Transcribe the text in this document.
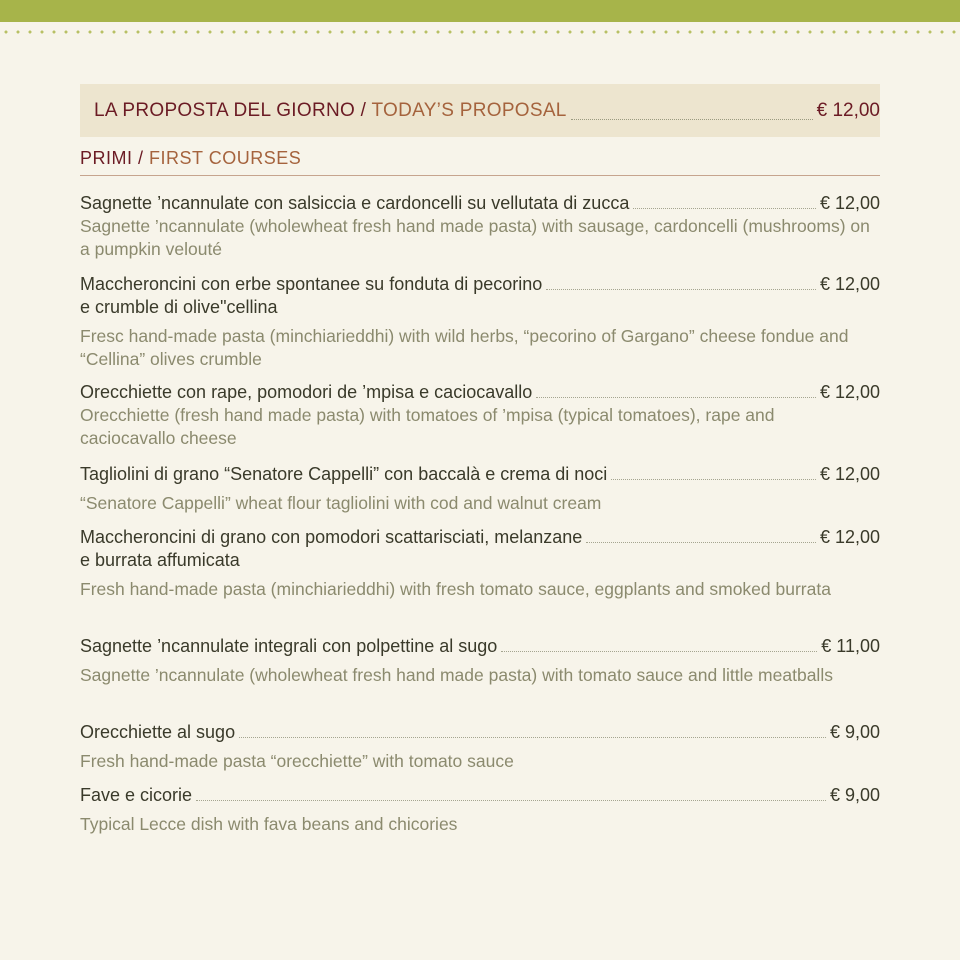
LA PROPOSTA DEL GIORNO / TODAY’S PROPOSAL	€ 12,00
PRIMI / FIRST COURSES
Sagnette ’ncannulate con salsiccia e cardoncelli su vellutata di zucca	€ 12,00
Sagnette ’ncannulate (wholewheat fresh hand made pasta) with sausage, cardoncelli (mushrooms) on a pumpkin velouté
Maccheroncini con erbe spontanee su fonduta di pecorino	€ 12,00
e crumble di olive"cellina
Fresc hand-made pasta (minchiarieddhi) with wild herbs, “pecorino of Gargano” cheese fondue and “Cellina” olives crumble
Orecchiette con rape, pomodori de ’mpisa e caciocavallo	€ 12,00
Orecchiette (fresh hand made pasta) with tomatoes of ’mpisa (typical tomatoes), rape and caciocavallo cheese
Tagliolini di grano “Senatore Cappelli” con baccalà e crema di noci	€ 12,00
“Senatore Cappelli” wheat flour tagliolini with cod and walnut cream
Maccheroncini di grano con pomodori scattarisciati, melanzane	€ 12,00
e burrata affumicata
Fresh hand-made pasta (minchiarieddhi) with fresh tomato sauce, eggplants and smoked burrata
Sagnette ’ncannulate integrali con polpettine al sugo	€ 11,00
Sagnette ’ncannulate (wholewheat fresh hand made pasta) with tomato sauce and little meatballs
Orecchiette al sugo	€ 9,00
Fresh hand-made pasta “orecchiette” with tomato sauce
Fave e cicorie	€ 9,00
Typical Lecce dish with fava beans and chicories
